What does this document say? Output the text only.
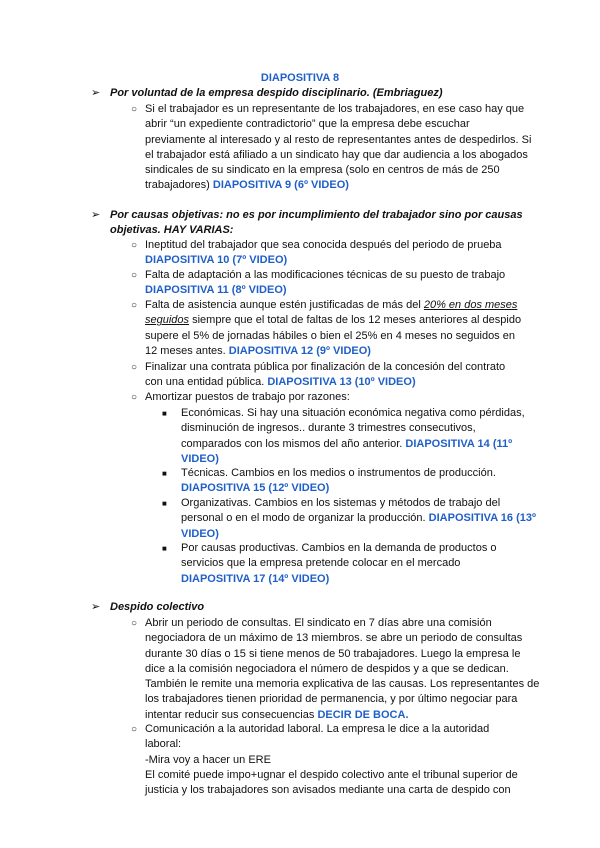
DIAPOSITIVA 8
➢ Por voluntad de la empresa despido disciplinario. (Embriaguez)
○ Si el trabajador es un representante de los trabajadores, en ese caso hay que abrir “un expediente contradictorio” que la empresa debe escuchar previamente al interesado y al resto de representantes antes de despedirlos. Si el trabajador está afiliado a un sindicato hay que dar audiencia a los abogados sindicales de su sindicato en la empresa (solo en centros de más de 250 trabajadores) DIAPOSITIVA 9 (6º VIDEO)
➢ Por causas objetivas: no es por incumplimiento del trabajador sino por causas objetivas. HAY VARIAS:
○ Ineptitud del trabajador que sea conocida después del periodo de prueba
DIAPOSITIVA 10 (7º VIDEO)
○ Falta de adaptación a las modificaciones técnicas de su puesto de trabajo
DIAPOSITIVA 11 (8º VIDEO)
○ Falta de asistencia aunque estén justificadas de más del 20% en dos meses seguidos siempre que el total de faltas de los 12 meses anteriores al despido supere el 5% de jornadas hábiles o bien el 25% en 4 meses no seguidos en 12 meses antes. DIAPOSITIVA 12 (9º VIDEO)
○ Finalizar una contrata pública por finalización de la concesión del contrato con una entidad pública. DIAPOSITIVA 13 (10º VIDEO)
○ Amortizar puestos de trabajo por razones:
■ Económicas. Si hay una situación económica negativa como pérdidas, disminución de ingresos.. durante 3 trimestres consecutivos, comparados con los mismos del año anterior. DIAPOSITIVA 14 (11º VIDEO)
■ Técnicas. Cambios en los medios o instrumentos de producción.
DIAPOSITIVA 15 (12º VIDEO)
■ Organizativas. Cambios en los sistemas y métodos de trabajo del personal o en el modo de organizar la producción. DIAPOSITIVA 16 (13º VIDEO)
■ Por causas productivas. Cambios en la demanda de productos o servicios que la empresa pretende colocar en el mercado DIAPOSITIVA 17 (14º VIDEO)
➢ Despido colectivo
○ Abrir un periodo de consultas. El sindicato en 7 días abre una comisión negociadora de un máximo de 13 miembros. se abre un periodo de consultas durante 30 días o 15 si tiene menos de 50 trabajadores. Luego la empresa le dice a la comisión negociadora el número de despidos y a que se dedican. También le remite una memoria explicativa de las causas. Los representantes de los trabajadores tienen prioridad de permanencia, y por último negociar para intentar reducir sus consecuencias DECIR DE BOCA.
○ Comunicación a la autoridad laboral. La empresa le dice a la autoridad laboral:
-Mira voy a hacer un ERE
El comité puede impo+ugnar el despido colectivo ante el tribunal superior de justicia y los trabajadores son avisados mediante una carta de despido con
